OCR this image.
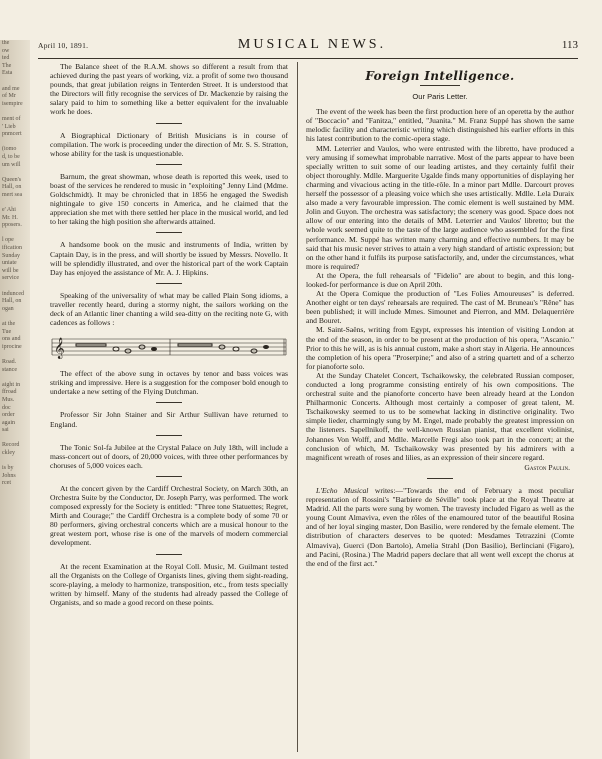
the
ow
ted
The
Esta

and me
of Mr
isempire

ment of
' Lieb
pnmcert

(iomo
d, to be
um will

Queen's
Hall, on
mert sea

e' Ahi
Mr. H.
pposers.

l ope
ification
Sunday
uniate
will be
service

indunced
Hall, on
ogan

at the
Tue
ons and
iprocine

Road.
stance

aight in
ffroad
Mus.
doc
order
again
sai

Record
ckley

is by
Johns
rcet
April 10, 1891.	MUSICAL NEWS.	113

The Balance sheet of the R.A.M. shows so different a result from that achieved during the past years of working, viz. a profit of some two thousand pounds, that great jubilation reigns in Tenterden Street. It is understood that the Directors will fitly recognise the services of Dr. Mackenzie by raising the salary paid to him to something like a better equivalent for the invaluable work he does.

A Biographical Dictionary of British Musicians is in course of compilation. The work is proceeding under the direction of Mr. S. S. Stratton, whose ability for the task is unquestionable.

Barnum, the great showman, whose death is reported this week, used to boast of the services he rendered to music in "exploiting" Jenny Lind (Mdme. Goldschmidt). It may be chronicled that in 1856 he engaged the Swedish nightingale to give 150 concerts in America, and he claimed that the appreciation she met with there settled her place in the musical world, and led to her taking the high position she afterwards attained.

A handsome book on the music and instruments of India, written by Captain Day, is in the press, and will shortly be issued by Messrs. Novello. It will be splendidly illustrated, and over the historical part of the work Captain Day has enjoyed the assistance of Mr. A. J. Hipkins.

Speaking of the universality of what may be called Plain Song idioms, a traveller recently heard, during a stormy night, the sailors working on the deck of an Atlantic liner chanting a wild sea-ditty on the reciting note G, with cadences as follows :

𝄞

The effect of the above sung in octaves by tenor and bass voices was striking and impressive. Here is a suggestion for the composer bold enough to undertake a new setting of the Flying Dutchman.

Professor Sir John Stainer and Sir Arthur Sullivan have returned to England.

The Tonic Sol-fa Jubilee at the Crystal Palace on July 18th, will include a mass-concert out of doors, of 20,000 voices, with three other performances by choruses of 5,000 voices each.

At the concert given by the Cardiff Orchestral Society, on March 30th, an Orchestra Suite by the Conductor, Dr. Joseph Parry, was performed. The work composed expressly for the Society is entitled: "Three tone Statuettes; Regret, Mirth and Courage;" the Cardiff Orchestra is a complete body of some 70 or 80 performers, giving orchestral concerts which are a musical honour to the great western port, whose rise is one of the marvels of modern commercial development.

At the recent Examination at the Royal Coll. Music, M. Guilmant tested all the Organists on the College of Organists lines, giving them sight-reading, score-playing, a melody to harmonize, transposition, etc., from tests specially written by himself. Many of the students had already passed the College of Organists, and so made a good record on these points.

Foreign Intelligence.
Our Paris Letter.

The event of the week has been the first production here of an operetta by the author of "Boccacio" and "Fanitza," entitled, "Juanita." M. Franz Suppé has shown the same melodic facility and characteristic writing which distinguished his earlier efforts in this his latest contribution to the comic-opera stage.

MM. Leterrier and Vaulos, who were entrusted with the libretto, have produced a very amusing if somewhat improbable narrative. Most of the parts appear to have been specially written to suit some of our leading artistes, and they certainly fulfil their object thoroughly. Mdlle. Marguerite Ugalde finds many opportunities of displaying her charming and vivacious acting in the title-rôle. In a minor part Mdlle. Darcourt proves herself the possessor of a pleasing voice which she uses artistically. Mdlle. Lela Duraix also made a very favourable impression. The comic element is well sustained by MM. Jolin and Guyon. The orchestra was satisfactory; the scenery was good. Space does not allow of our entering into the details of MM. Leterrier and Vaulos' libretto; but the whole work seemed quite to the taste of the large audience who assembled for the first performance. M. Suppé has written many charming and effective numbers. It may be said that his music never strives to attain a very high standard of artistic expression; but on the other hand it fulfils its purpose satisfactorily, and, under the circumstances, what more is required?

At the Opera, the full rehearsals of "Fidelio" are about to begin, and this long-looked-for performance is due on April 20th.

At the Opera Comique the production of "Les Folies Amoureuses" is deferred. Another eight or ten days' rehearsals are required. The cast of M. Bruneau's "Rêne" has been published; it will include Mmes. Simounet and Pierron, and MM. Delaquerrière and Bouret.

M. Saint-Saëns, writing from Egypt, expresses his intention of visiting London at the end of the season, in order to be present at the production of his opera, "Ascanio." Prior to this he will, as is his annual custom, make a short stay in Algeria. He announces the completion of his opera "Proserpine;" and also of a string quartett and of a scherzo for pianoforte solo.

At the Sunday Chatelet Concert, Tschaikowsky, the celebrated Russian composer, conducted a long programme consisting entirely of his own compositions. The orchestral suite and the pianoforte concerto have been already heard at the London Philharmonic Concerts. Although most certainly a composer of great talent, M. Tschaikowsky seemed to us to be somewhat lacking in distinctive originality. Two simple lieder, charmingly sung by M. Engel, made probably the greatest impression on the listeners. Sapellnikoff, the well-known Russian pianist, that excellent violinist, Johannes Von Wolff, and Mdlle. Marcelle Fregi also took part in the concert; at the conclusion of which, M. Tschaikowsky was presented by his admirers with a magnificent wreath of roses and lilies, as an expression of their sincere regard.

Gaston Paulin.

L'Echo Musical writes:—"Towards the end of February a most peculiar representation of Rossini's "Barbiere de Séville" took place at the Royal Theatre at Madrid. All the parts were sung by women. The travesty included Figaro as well as the young Count Almaviva, even the rôles of the enamoured tutor of the beautiful Rosina and of her loyal singing master, Don Basilio, were rendered by the female element. The distribution of characters deserves to be quoted: Mesdames Tetrazzini (Comte Almaviva), Guerci (Don Bartolo), Amelia Strahl (Don Basilio), Berlinciani (Figaro), and Pacini, (Rosina.) The Madrid papers declare that all went well except the chorus at the end of the first act."
